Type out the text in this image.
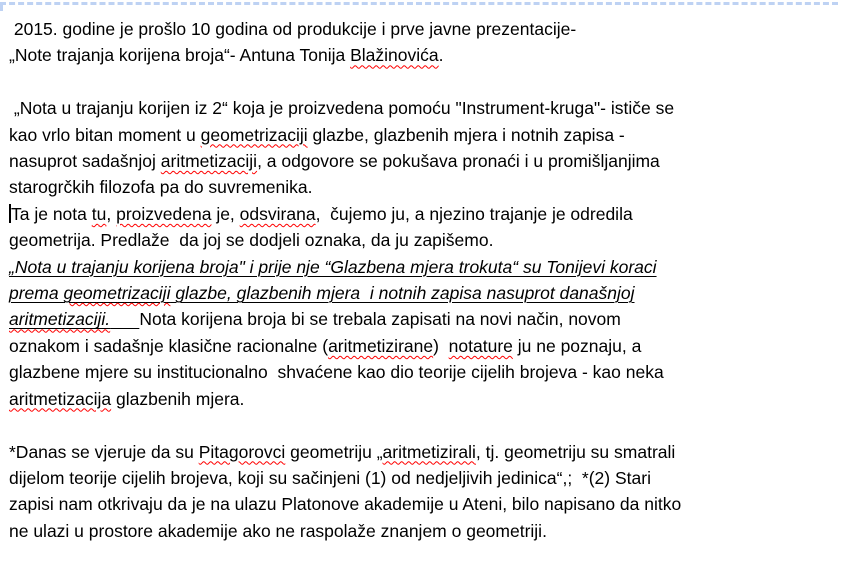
2015. godine je prošlo 10 godina od produkcije i prve javne prezentacije-
„Note trajanja korijena broja“- Antuna Tonija Blažinovića.

„Nota u trajanju korijen iz 2“ koja je proizvedena pomoću "Instrument-kruga"- ističe se
kao vrlo bitan moment u geometrizaciji glazbe, glazbenih mjera i notnih zapisa -
nasuprot sadašnjoj aritmetizaciji, a odgovore se pokušava pronaći i u promišljanjima
starogrčkih filozofa pa do suvremenika.
Ta je nota tu, proizvedena je, odsvirana,  čujemo ju, a njezino trajanje je odredila
geometrija. Predlaže  da joj se dodjeli oznaka, da ju zapišemo.
„Nota u trajanju korijena broja" i prije nje “Glazbena mjera trokuta“ su Tonijevi koraci
prema geometrizaciji glazbe, glazbenih mjera  i notnih zapisa nasuprot današnjoj
aritmetizaciji. Nota korijena broja bi se trebala zapisati na novi način, novom
oznakom i sadašnje klasične racionalne (aritmetizirane)  notature ju ne poznaju, a
glazbene mjere su institucionalno  shvaćene kao dio teorije cijelih brojeva - kao neka
aritmetizacija glazbenih mjera.

*Danas se vjeruje da su Pitagorovci geometriju „aritmetizirali, tj. geometriju su smatrali
dijelom teorije cijelih brojeva, koji su sačinjeni (1) od nedjeljivih jedinica“,;  *(2) Stari
zapisi nam otkrivaju da je na ulazu Platonove akademije u Ateni, bilo napisano da nitko
ne ulazi u prostore akademije ako ne raspolaže znanjem o geometriji.
